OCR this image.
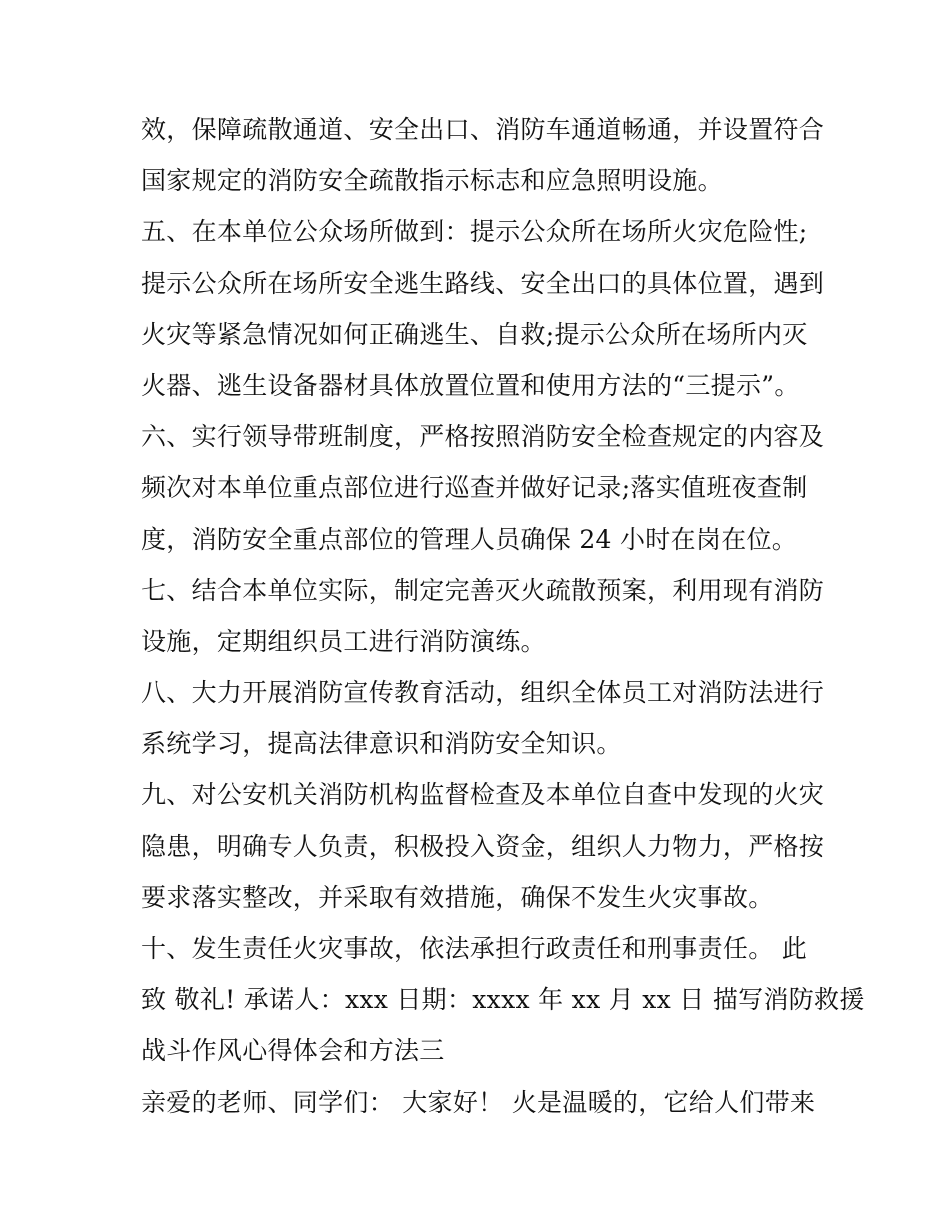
效，保障疏散通道、安全出口、消防车通道畅通，并设置符合
国家规定的消防安全疏散指示标志和应急照明设施。
五、在本单位公众场所做到：提示公众所在场所火灾危险性;
提示公众所在场所安全逃生路线、安全出口的具体位置，遇到
火灾等紧急情况如何正确逃生、自救;提示公众所在场所内灭
火器、逃生设备器材具体放置位置和使用方法的“三提示”。
六、实行领导带班制度，严格按照消防安全检查规定的内容及
频次对本单位重点部位进行巡查并做好记录;落实值班夜查制
度，消防安全重点部位的管理人员确保 24 小时在岗在位。
七、结合本单位实际，制定完善灭火疏散预案，利用现有消防
设施，定期组织员工进行消防演练。
八、大力开展消防宣传教育活动，组织全体员工对消防法进行
系统学习，提高法律意识和消防安全知识。
九、对公安机关消防机构监督检查及本单位自查中发现的火灾
隐患，明确专人负责，积极投入资金，组织人力物力，严格按
要求落实整改，并采取有效措施，确保不发生火灾事故。
十、发生责任火灾事故，依法承担行政责任和刑事责任。 此
致 敬礼! 承诺人：xxx 日期：xxxx 年 xx 月 xx 日 描写消防救援
战斗作风心得体会和方法三
亲爱的老师、同学们： 大家好！ 火是温暖的，它给人们带来
